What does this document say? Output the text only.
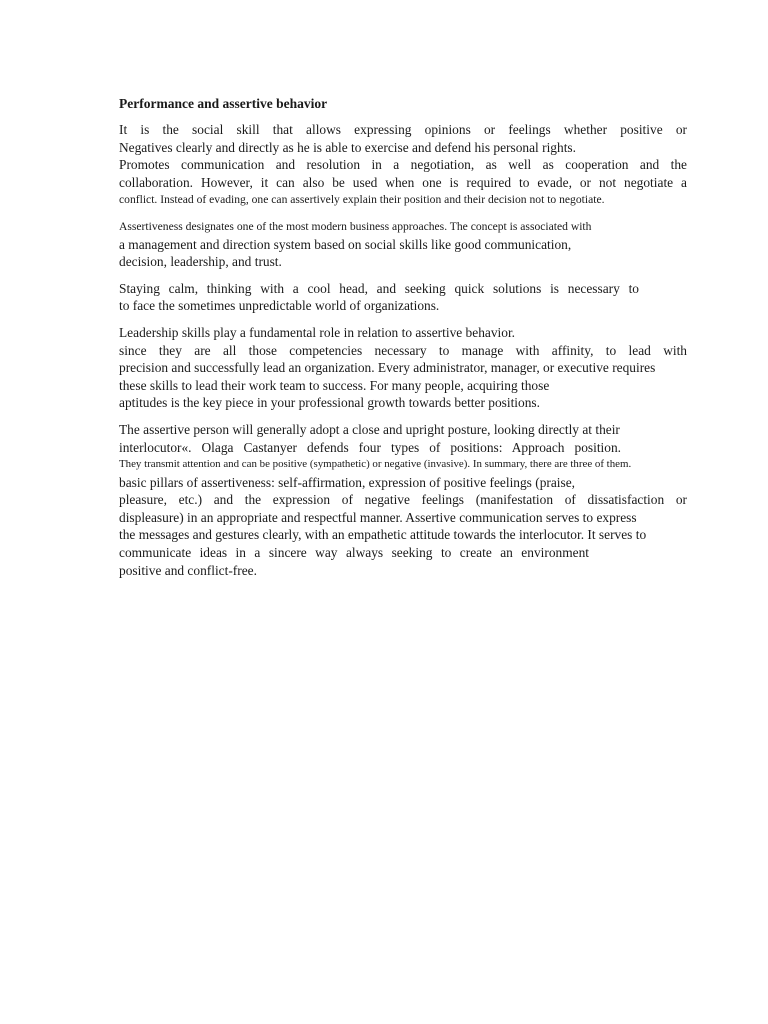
Performance and assertive behavior
It is the social skill that allows expressing opinions or feelings whether positive or
Negatives clearly and directly as he is able to exercise and defend his personal rights.
Promotes communication and resolution in a negotiation, as well as cooperation and the
collaboration. However, it can also be used when one is required to evade, or not negotiate a
conflict. Instead of evading, one can assertively explain their position and their decision not to negotiate.
Assertiveness designates one of the most modern business approaches. The concept is associated with
a management and direction system based on social skills like good communication,
decision, leadership, and trust.
Staying calm, thinking with a cool head, and seeking quick solutions is necessary to
to face the sometimes unpredictable world of organizations.
Leadership skills play a fundamental role in relation to assertive behavior.
since they are all those competencies necessary to manage with affinity, to lead with
precision and successfully lead an organization. Every administrator, manager, or executive requires
these skills to lead their work team to success. For many people, acquiring those
aptitudes is the key piece in your professional growth towards better positions.
The assertive person will generally adopt a close and upright posture, looking directly at their
interlocutor«. Olaga Castanyer defends four types of positions: Approach position.
They transmit attention and can be positive (sympathetic) or negative (invasive). In summary, there are three of them.
basic pillars of assertiveness: self-affirmation, expression of positive feelings (praise,
pleasure, etc.) and the expression of negative feelings (manifestation of dissatisfaction or
displeasure) in an appropriate and respectful manner. Assertive communication serves to express
the messages and gestures clearly, with an empathetic attitude towards the interlocutor. It serves to
communicate ideas in a sincere way always seeking to create an environment
positive and conflict-free.
